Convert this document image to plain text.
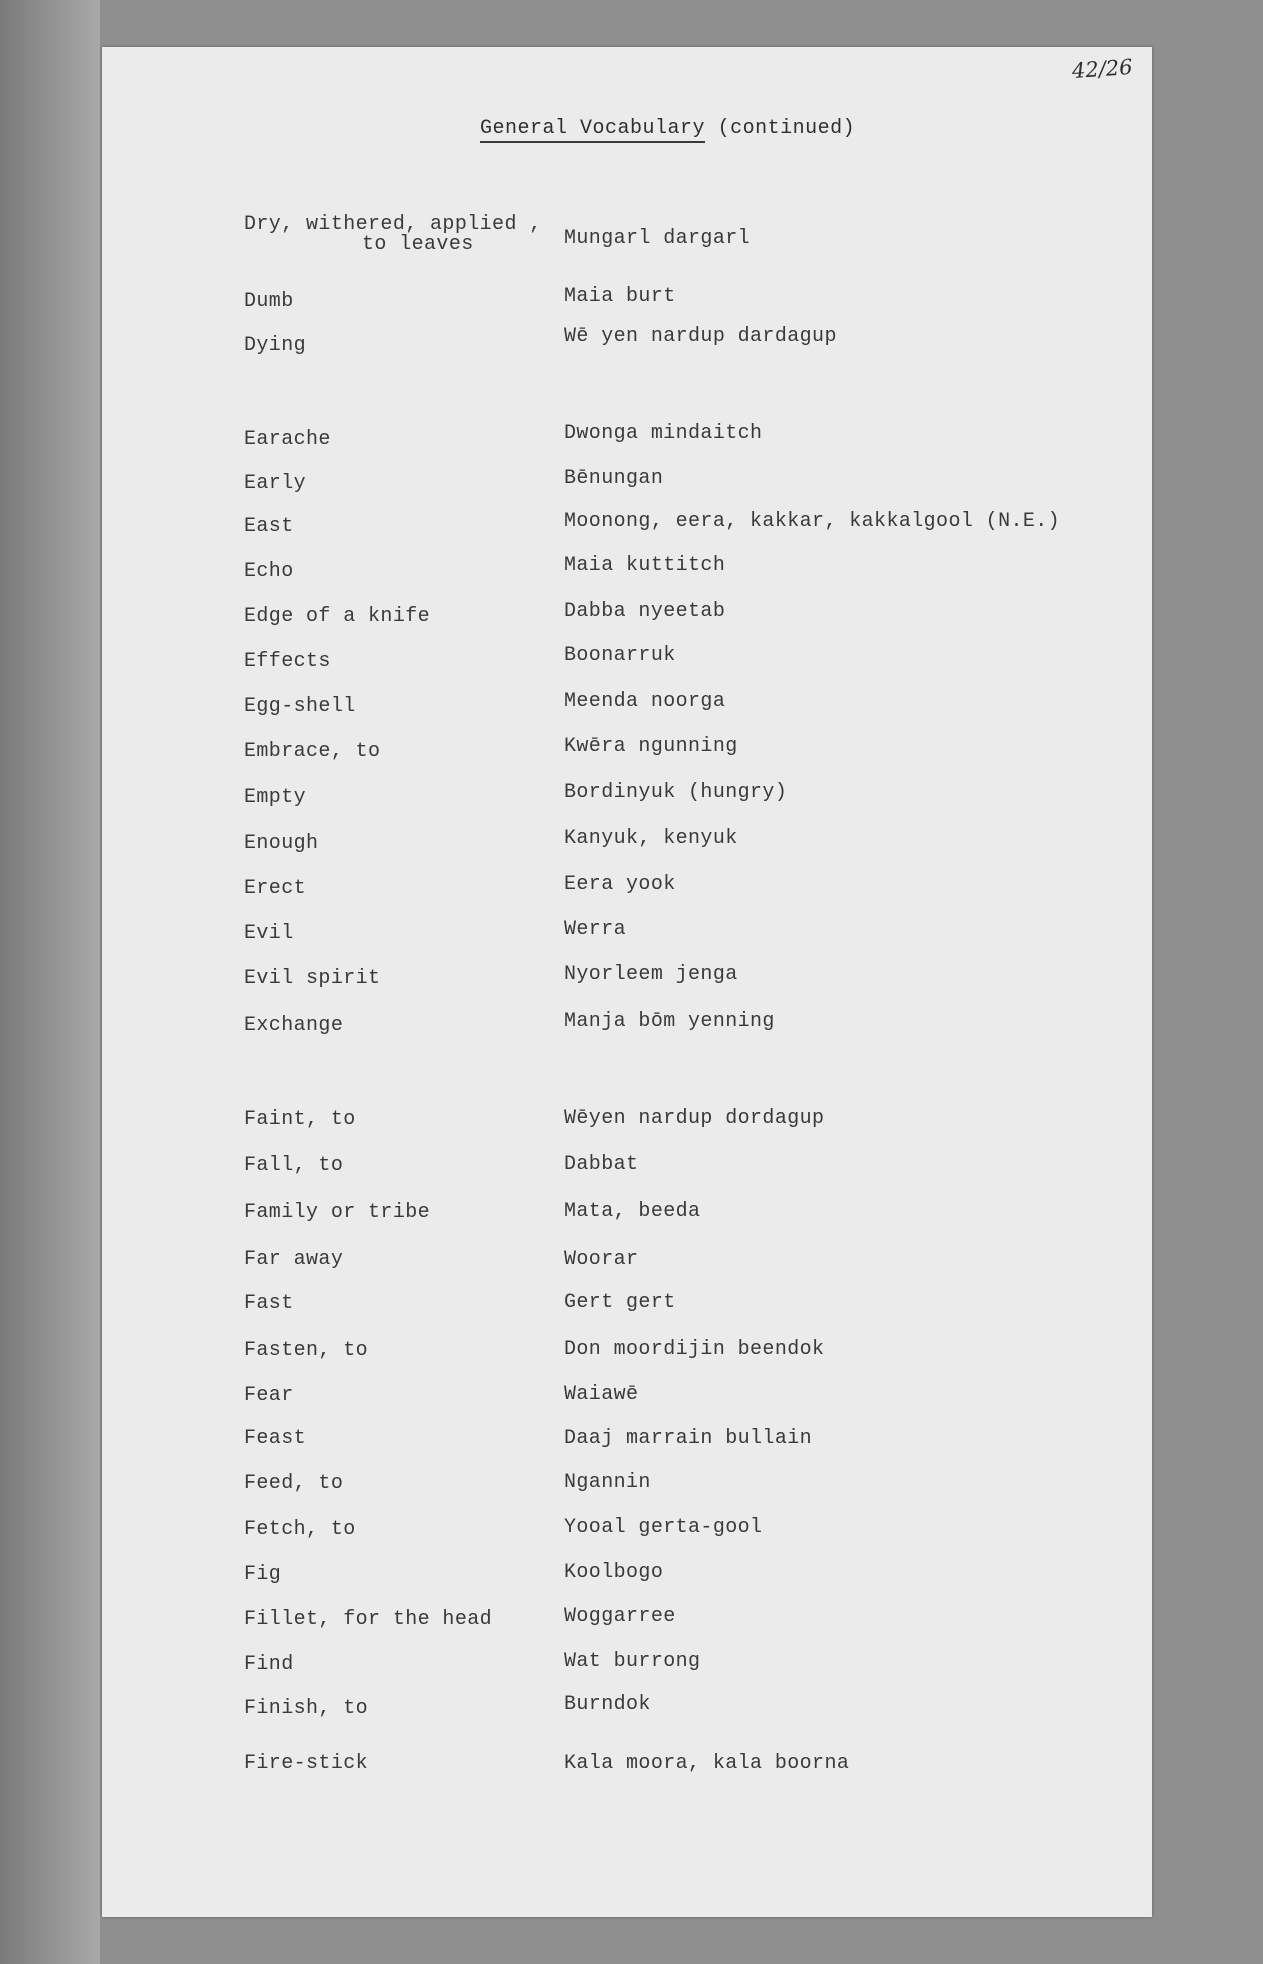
42/26
General Vocabulary (continued)
Dry, withered, applied ,
to leaves	Mungarl dargarl
Dumb	Maia burt
Dying	Wē yen nardup dardagup
Earache	Dwonga mindaitch
Early	Bēnungan
East	Moonong, eera, kakkar, kakkalgool (N.E.)
Echo	Maia kuttitch
Edge of a knife	Dabba nyeetab
Effects	Boonarruk
Egg-shell	Meenda noorga
Embrace, to	Kwēra ngunning
Empty	Bordinyuk (hungry)
Enough	Kanyuk, kenyuk
Erect	Eera yook
Evil	Werra
Evil spirit	Nyorleem jenga
Exchange	Manja bōm yenning
Faint, to	Wēyen nardup dordagup
Fall, to	Dabbat
Family or tribe	Mata, beeda
Far away	Woorar
Fast	Gert gert
Fasten, to	Don moordijin beendok
Fear	Waiawē
Feast	Daaj marrain bullain
Feed, to	Ngannin
Fetch, to	Yooal gerta-gool
Fig	Koolbogo
Fillet, for the head	Woggarree
Find	Wat burrong
Finish, to	Burndok
Fire-stick	Kala moora, kala boorna
